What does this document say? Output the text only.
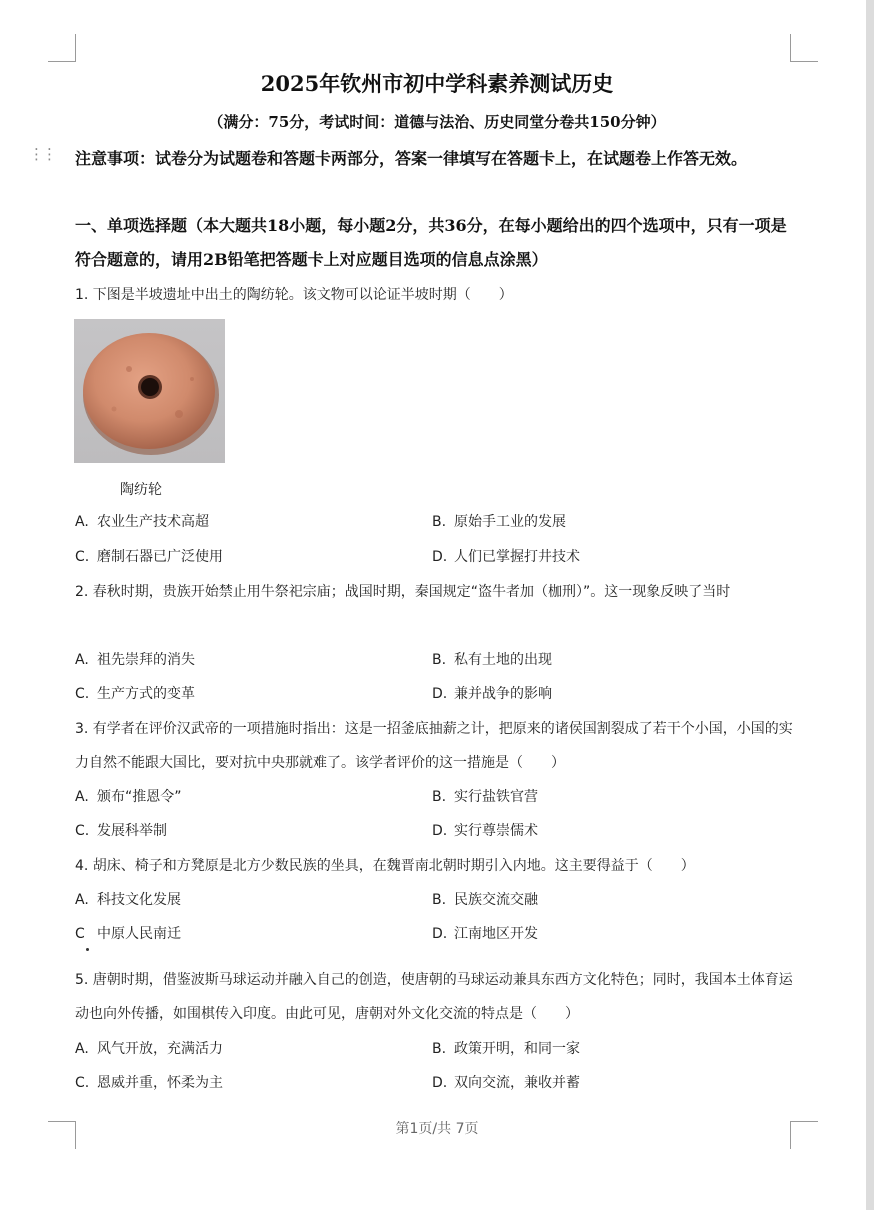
⋮⋮
2025年钦州市初中学科素养测试历史
（满分：75分，考试时间：道德与法治、历史同堂分卷共150分钟）
注意事项：试卷分为试题卷和答题卡两部分，答案一律填写在答题卡上，在试题卷上作答无效。
一、单项选择题（本大题共18小题，每小题2分，共36分，在每小题给出的四个选项中，只有一项是符合题意的，请用2B铅笔把答题卡上对应题目选项的信息点涂黑）
1. 下图是半坡遗址中出土的陶纺轮。该文物可以论证半坡时期（　　）
陶纺轮
A. 农业生产技术高超	B. 原始手工业的发展
C. 磨制石器已广泛使用	D. 人们已掌握打井技术
2. 春秋时期，贵族开始禁止用牛祭祀宗庙；战国时期，秦国规定“盗牛者加（枷刑）”。这一现象反映了当时
A. 祖先崇拜的消失	B. 私有土地的出现
C. 生产方式的变革	D. 兼并战争的影响
3. 有学者在评价汉武帝的一项措施时指出：这是一招釜底抽薪之计，把原来的诸侯国割裂成了若干个小国，小国的实力自然不能跟大国比，要对抗中央那就难了。该学者评价的这一措施是（　　）
A. 颁布“推恩令”	B. 实行盐铁官营
C. 发展科举制	D. 实行尊崇儒术
4. 胡床、椅子和方凳原是北方少数民族的坐具，在魏晋南北朝时期引入内地。这主要得益于（　　）
A. 科技文化发展	B. 民族交流交融
C 中原人民南迁	D. 江南地区开发
5. 唐朝时期，借鉴波斯马球运动并融入自己的创造，使唐朝的马球运动兼具东西方文化特色；同时，我国本土体育运动也向外传播，如围棋传入印度。由此可见，唐朝对外文化交流的特点是（　　）
A. 风气开放，充满活力	B. 政策开明，和同一家
C. 恩威并重，怀柔为主	D. 双向交流，兼收并蓄
第1页/共 7页
